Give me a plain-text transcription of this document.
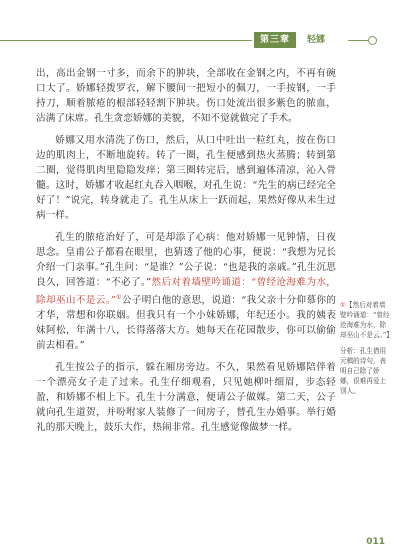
第三章	轻娜

出，高出金钢一寸多，而余下的肿块，全部收在金钢之内，不再有碗口大了。娇娜轻拨罗衣，解下腰间一把短小的佩刀，一手按钢，一手持刀，顺着脓疮的根部轻轻割下肿块。伤口处流出很多紫色的脓血，沾满了床席。孔生贪恋娇娜的美貌，不知不觉就做完了手术。

娇娜又用水清洗了伤口，然后，从口中吐出一粒红丸，按在伤口边的肌肉上，不断地旋转。转了一圈，孔生便感到热火蒸腾；转到第二圈，觉得肌肉里隐隐发痒；第三圈转完后，感到遍体清凉，沁入骨髓。这时，娇娜才收起红丸吞入咽喉，对孔生说：“先生的病已经完全好了！”说完，转身就走了。孔生从床上一跃而起，果然好像从未生过病一样。

孔生的脓疮治好了，可是却添了心病：他对娇娜一见钟情，日夜思念。皇甫公子都看在眼里，也猜透了他的心事，便说：“我想为兄长介绍一门亲事。”孔生问：“是谁？”公子说：“也是我的亲戚。”孔生沉思良久，回答道：“不必了。”然后对着墙壁吟诵道：“曾经沧海难为水，除却巫山不是云。”①公子明白他的意思，说道：“我父亲十分仰慕你的才华，常想和你联姻。但我只有一个小妹娇娜，年纪还小。我的姨表妹阿松，年满十八，长得落落大方。她每天在花园散步，你可以偷偷前去相看。”

孔生按公子的指示，躲在厢房旁边。不久，果然看见娇娜陪伴着一个漂亮女子走了过来。孔生仔细观看，只见她柳叶细眉，步态轻盈，和娇娜不相上下。孔生十分满意，便请公子做媒。第二天，公子就向孔生道贺，并吩咐家人装修了一间房子，替孔生办婚事。举行婚礼的那天晚上，鼓乐大作，热闹非常。孔生感觉像做梦一样。

①【然后对着墙壁吟诵道：“曾经沧海难为水，除却巫山不是云。”】

分析：孔生借用元稹的诗句，表明自己除了娇娜，很难再爱上别人。

011
